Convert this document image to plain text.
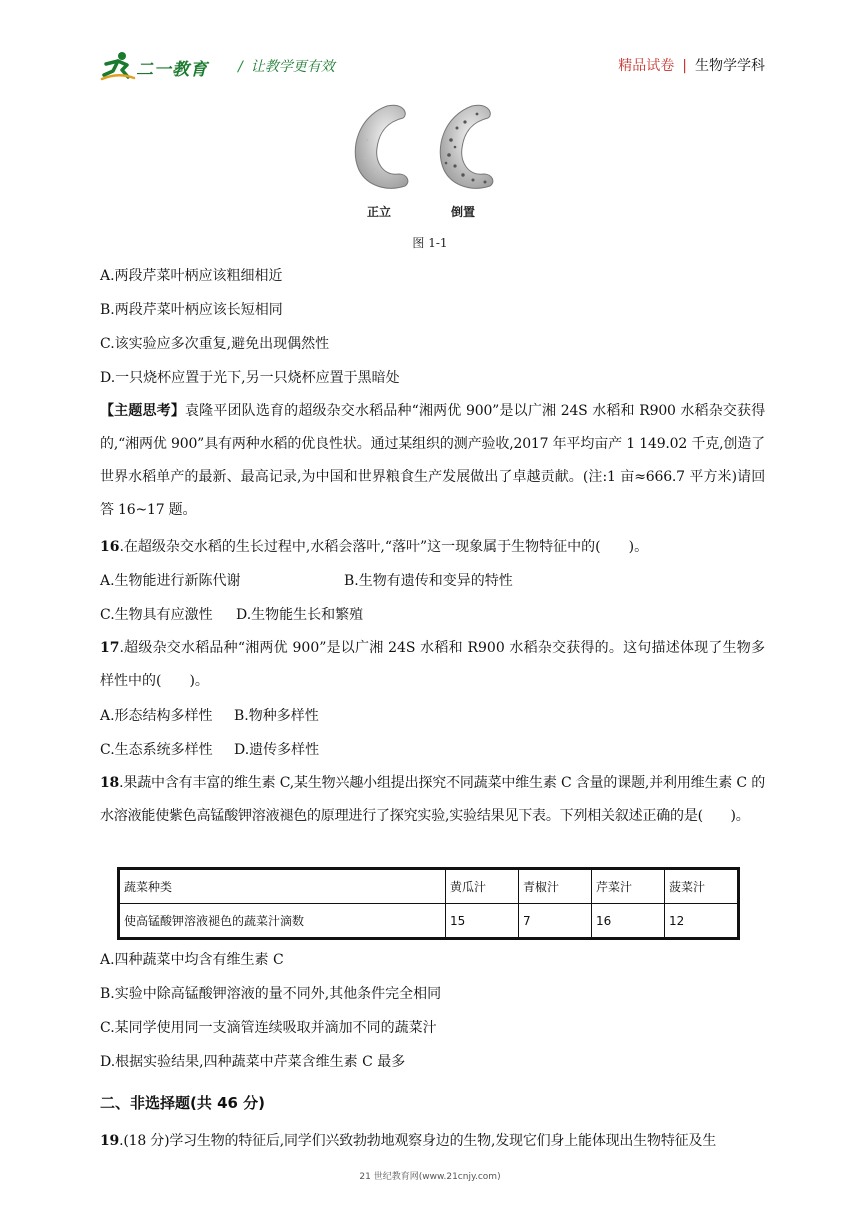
二一教育 / 让教学更有效	精品试卷 | 生物学学科
正立	倒置
图 1-1
A.两段芹菜叶柄应该粗细相近
B.两段芹菜叶柄应该长短相同
C.该实验应多次重复,避免出现偶然性
D.一只烧杯应置于光下,另一只烧杯应置于黑暗处
【主题思考】袁隆平团队选育的超级杂交水稻品种“湘两优 900”是以广湘 24S 水稻和 R900 水稻杂交获得的,“湘两优 900”具有两种水稻的优良性状。通过某组织的测产验收,2017 年平均亩产 1 149.02 千克,创造了世界水稻单产的最新、最高记录,为中国和世界粮食生产发展做出了卓越贡献。(注:1 亩≈666.7 平方米)请回答 16~17 题。
16.在超级杂交水稻的生长过程中,水稻会落叶,“落叶”这一现象属于生物特征中的(　　)。
A.生物能进行新陈代谢	B.生物有遗传和变异的特性
C.生物具有应激性 D.生物能生长和繁殖
17.超级杂交水稻品种“湘两优 900”是以广湘 24S 水稻和 R900 水稻杂交获得的。这句描述体现了生物多样性中的(　　)。
A.形态结构多样性 B.物种多样性
C.生态系统多样性 D.遗传多样性
18.果蔬中含有丰富的维生素 C,某生物兴趣小组提出探究不同蔬菜中维生素 C 含量的课题,并利用维生素 C 的水溶液能使紫色高锰酸钾溶液褪色的原理进行了探究实验,实验结果见下表。下列相关叙述正确的是(　　)。
蔬菜种类	黄瓜汁	青椒汁	芹菜汁	菠菜汁
使高锰酸钾溶液褪色的蔬菜汁滴数	15	7	16	12
A.四种蔬菜中均含有维生素 C
B.实验中除高锰酸钾溶液的量不同外,其他条件完全相同
C.某同学使用同一支滴管连续吸取并滴加不同的蔬菜汁
D.根据实验结果,四种蔬菜中芹菜含维生素 C 最多
二、非选择题(共 46 分)
19.(18 分)学习生物的特征后,同学们兴致勃勃地观察身边的生物,发现它们身上能体现出生物特征及生
21 世纪教育网(www.21cnjy.com)
